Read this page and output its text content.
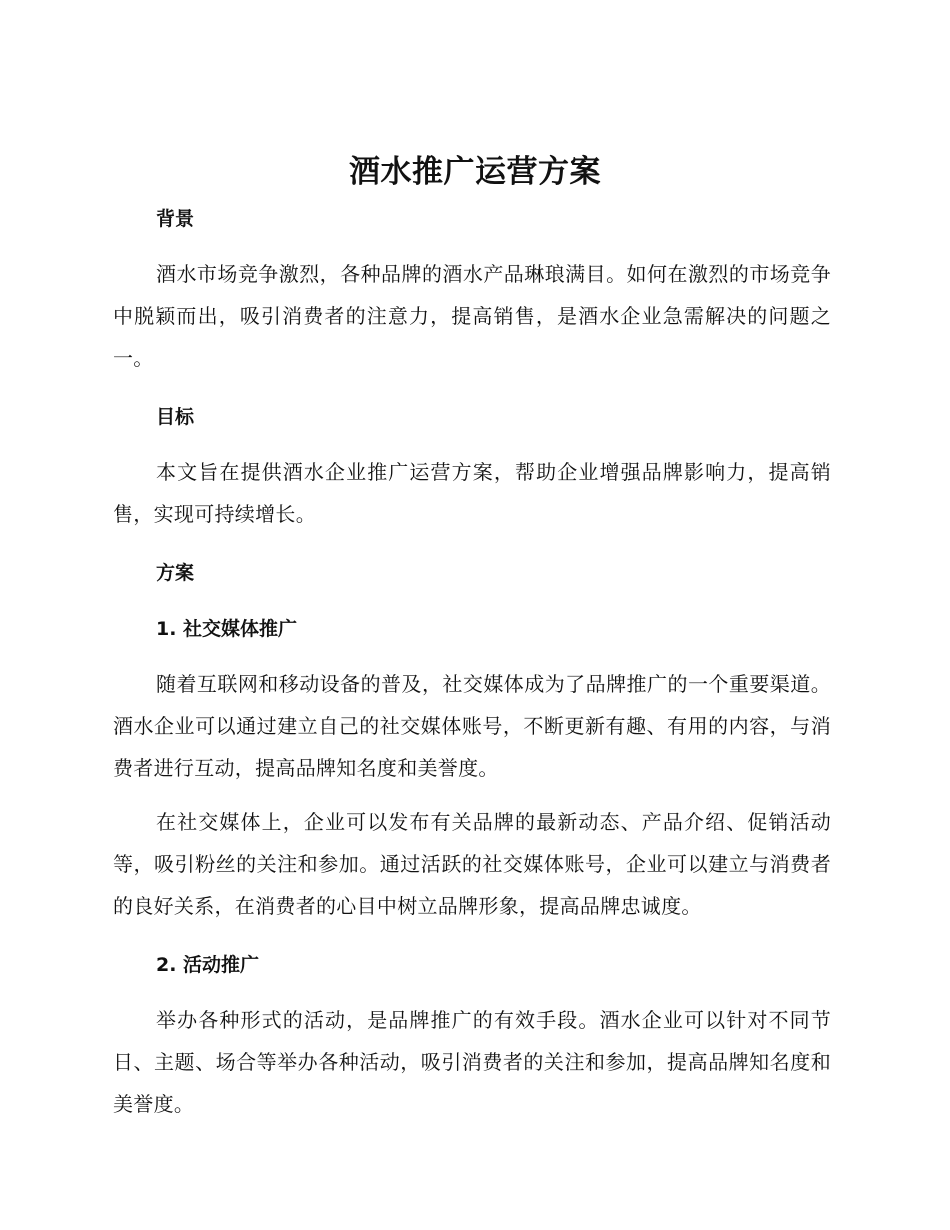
酒水推广运营方案
背景

酒水市场竞争激烈，各种品牌的酒水产品琳琅满目。如何在激烈的市场竞争中脱颖而出，吸引消费者的注意力，提高销售，是酒水企业急需解决的问题之一。

目标

本文旨在提供酒水企业推广运营方案，帮助企业增强品牌影响力，提高销售，实现可持续增长。

方案
1. 社交媒体推广

随着互联网和移动设备的普及，社交媒体成为了品牌推广的一个重要渠道。酒水企业可以通过建立自己的社交媒体账号，不断更新有趣、有用的内容，与消费者进行互动，提高品牌知名度和美誉度。

在社交媒体上，企业可以发布有关品牌的最新动态、产品介绍、促销活动等，吸引粉丝的关注和参加。通过活跃的社交媒体账号，企业可以建立与消费者的良好关系，在消费者的心目中树立品牌形象，提高品牌忠诚度。

2. 活动推广

举办各种形式的活动，是品牌推广的有效手段。酒水企业可以针对不同节日、主题、场合等举办各种活动，吸引消费者的关注和参加，提高品牌知名度和美誉度。
